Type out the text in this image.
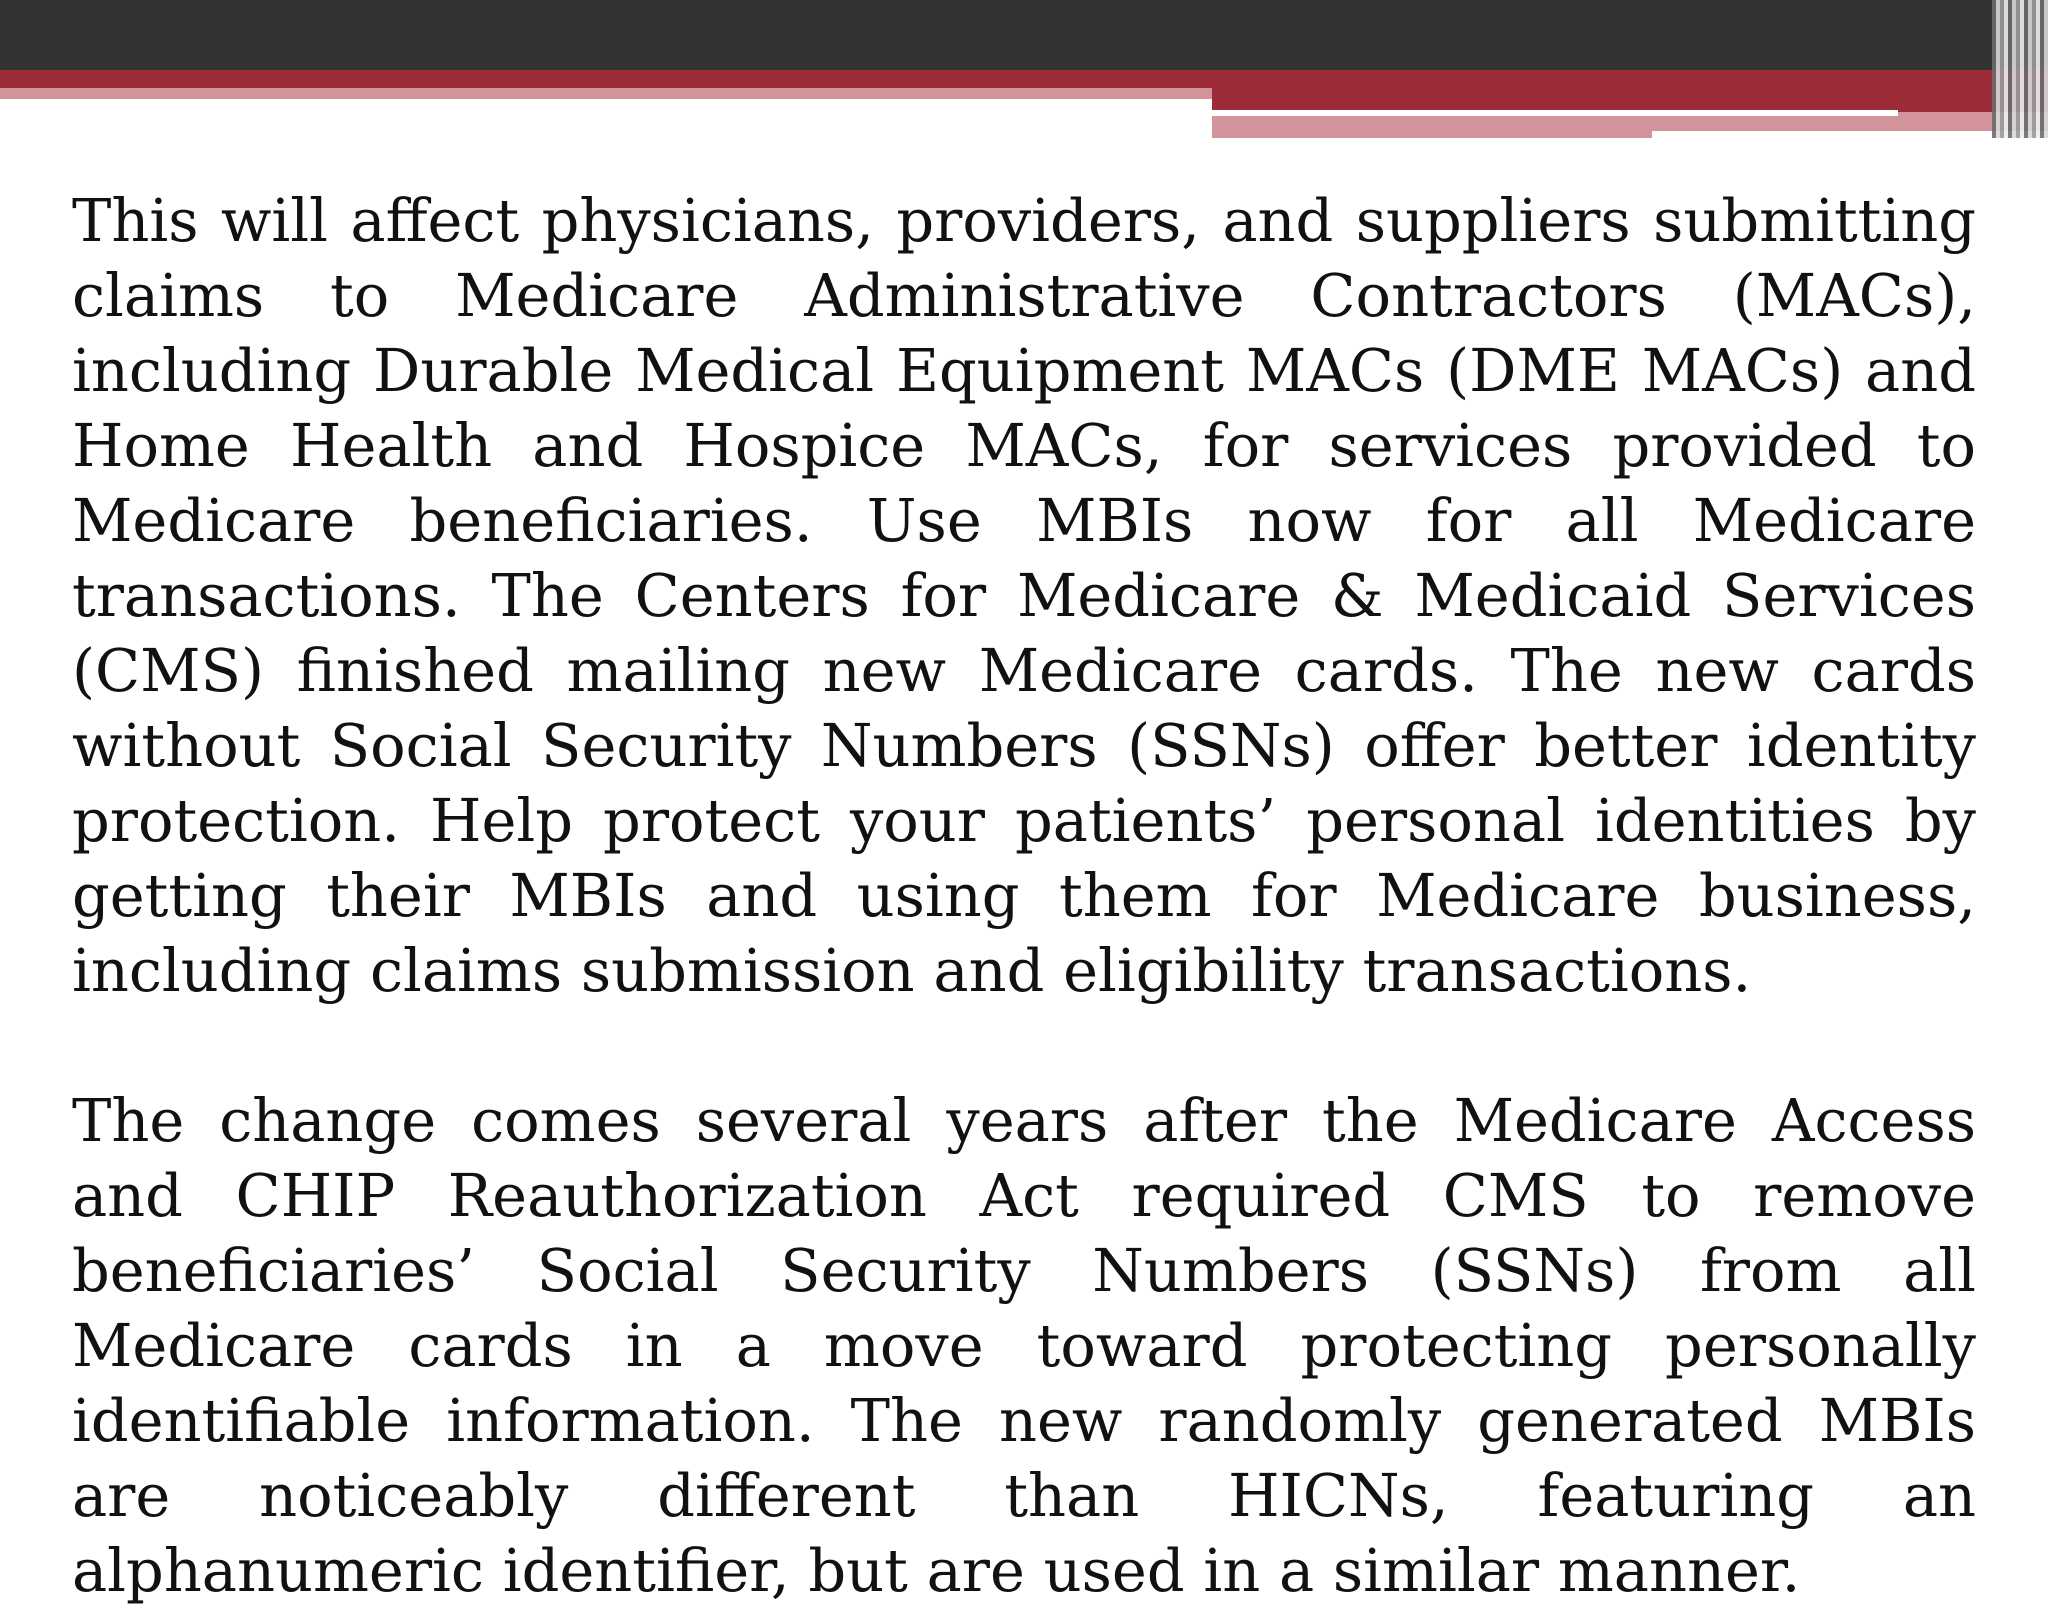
This will affect physicians, providers, and suppliers submitting claims to Medicare Administrative Contractors (MACs), including Durable Medical Equipment MACs (DME MACs) and Home Health and Hospice MACs, for services provided to Medicare beneficiaries. Use MBIs now for all Medicare transactions. The Centers for Medicare & Medicaid Services (CMS) finished mailing new Medicare cards. The new cards without Social Security Numbers (SSNs) offer better identity protection. Help protect your patients’ personal identities by getting their MBIs and using them for Medicare business, including claims submission and eligibility transactions.

The change comes several years after the Medicare Access and CHIP Reauthorization Act required CMS to remove beneficiaries’ Social Security Numbers (SSNs) from all Medicare cards in a move toward protecting personally identifiable information. The new randomly generated MBIs are noticeably different than HICNs, featuring an alphanumeric identifier, but are used in a similar manner.
